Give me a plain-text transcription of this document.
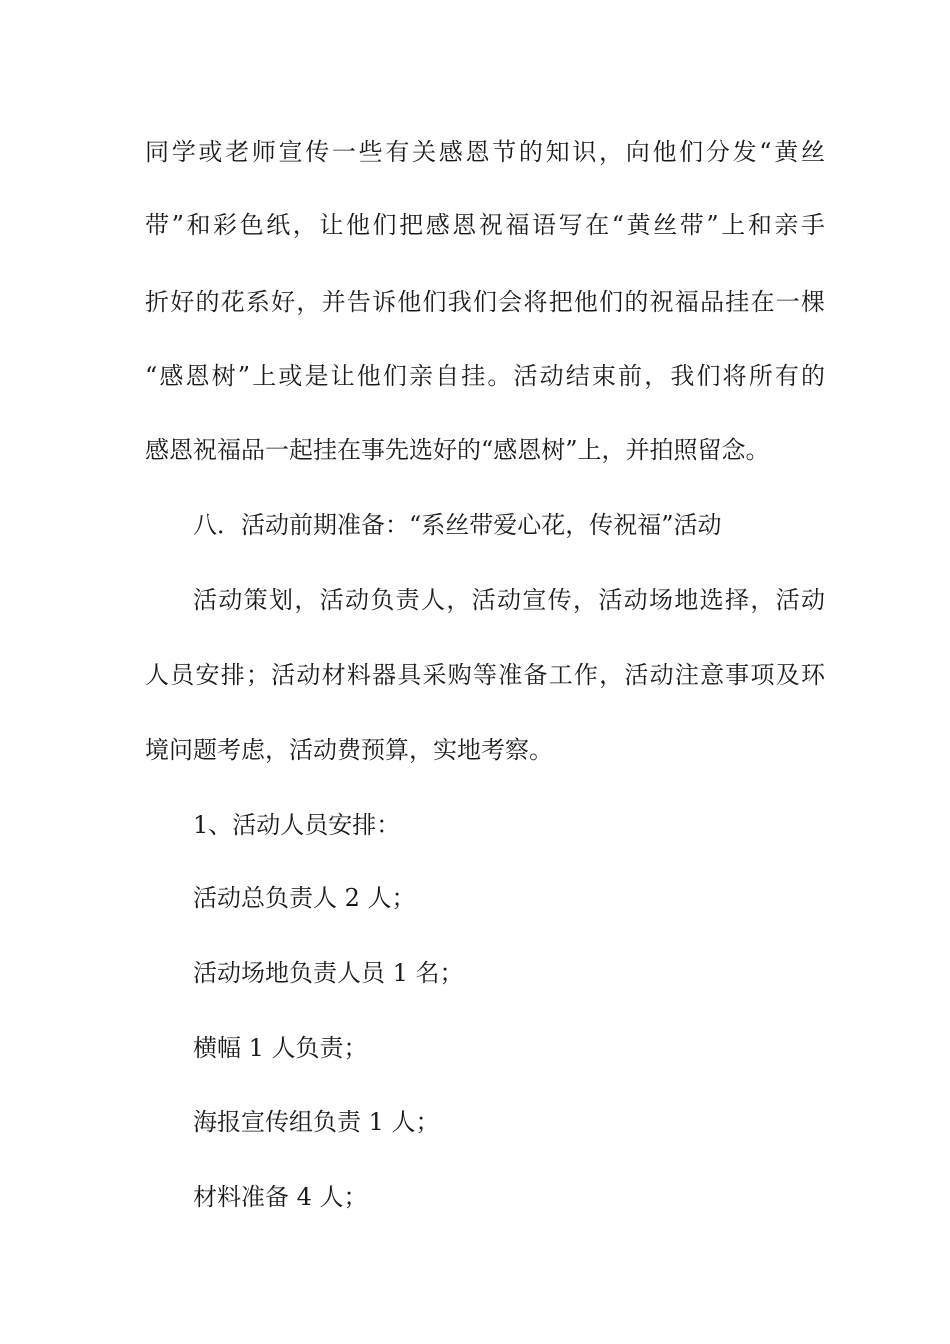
同学或老师宣传一些有关感恩节的知识，向他们分发“黄丝
带”和彩色纸，让他们把感恩祝福语写在“黄丝带”上和亲手
折好的花系好，并告诉他们我们会将把他们的祝福品挂在一棵
“感恩树”上或是让他们亲自挂。活动结束前，我们将所有的
感恩祝福品一起挂在事先选好的“感恩树”上，并拍照留念。
八．活动前期准备：“系丝带爱心花，传祝福”活动
活动策划，活动负责人，活动宣传，活动场地选择，活动
人员安排；活动材料器具采购等准备工作，活动注意事项及环
境问题考虑，活动费预算，实地考察。
1、活动人员安排：
活动总负责人 2 人；
活动场地负责人员 1 名；
横幅 1 人负责；
海报宣传组负责 1 人；
材料准备 4 人；
